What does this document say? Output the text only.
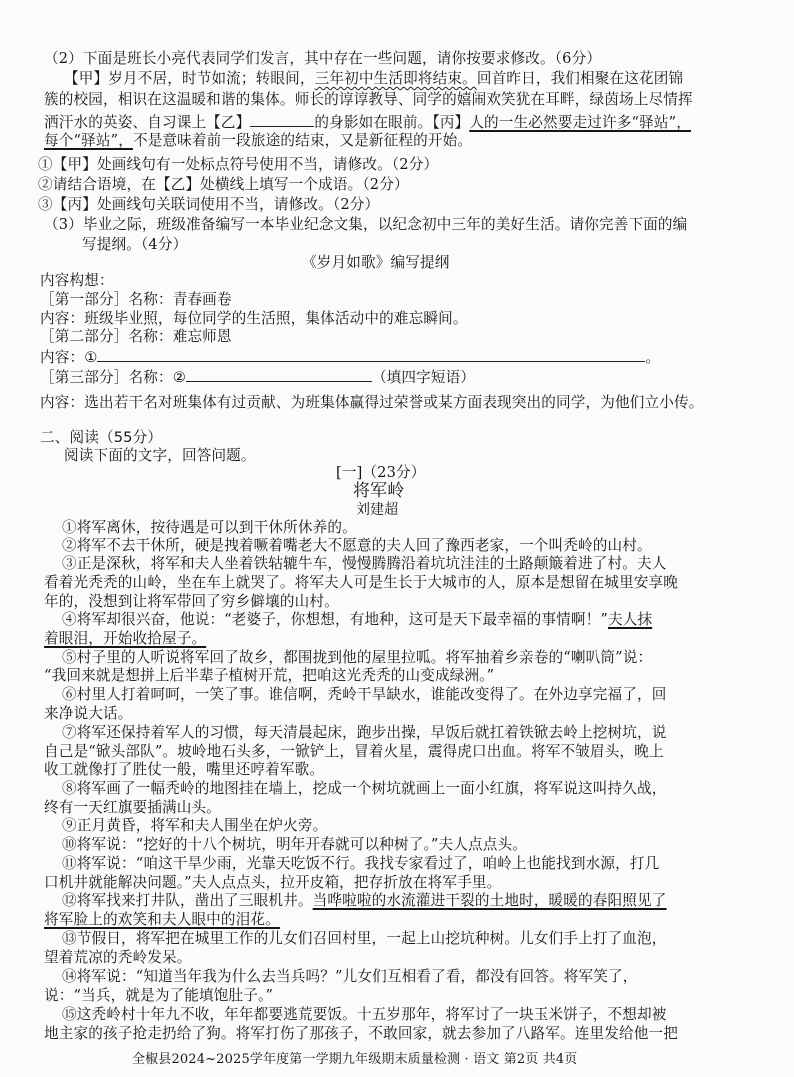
（2）下面是班长小亮代表同学们发言，其中存在一些问题，请你按要求修改。（6分）
【甲】岁月不居，时节如流；转眼间，三年初中生活即将结束。回首昨日，我们相聚在这花团锦
簇的校园，相识在这温暖和谐的集体。师长的谆谆教导、同学的嬉闹欢笑犹在耳畔，绿茵场上尽情挥
洒汗水的英姿、自习课上【乙】	的身影如在眼前。【丙】人的一生必然要走过许多“驿站”，
每个“驿站”，不是意味着前一段旅途的结束，又是新征程的开始。
①【甲】处画线句有一处标点符号使用不当，请修改。（2分）
②请结合语境，在【乙】处横线上填写一个成语。（2分）
③【丙】处画线句关联词使用不当，请修改。（2分）
（3）毕业之际，班级准备编写一本毕业纪念文集，以纪念初中三年的美好生活。请你完善下面的编
写提纲。（4分）
《岁月如歌》编写提纲
内容构想：
［第一部分］名称：青春画卷
内容：班级毕业照，每位同学的生活照，集体活动中的难忘瞬间。
［第二部分］名称：难忘师恩
内容：①	。
［第三部分］名称：②	（填四字短语）
内容：选出若干名对班集体有过贡献、为班集体赢得过荣誉或某方面表现突出的同学，为他们立小传。
二、阅读（55分）
阅读下面的文字，回答问题。
[一]（23分）
将军岭
刘建超
①将军离休，按待遇是可以到干休所休养的。
②将军不去干休所，硬是拽着噘着嘴老大不愿意的夫人回了豫西老家，一个叫秃岭的山村。
③正是深秋，将军和夫人坐着铁轱辘牛车，慢慢腾腾沿着坑坑洼洼的土路颠簸着进了村。夫人
看着光秃秃的山岭，坐在车上就哭了。将军夫人可是生长于大城市的人，原本是想留在城里安享晚
年的，没想到让将军带回了穷乡僻壤的山村。
④将军却很兴奋，他说：“老婆子，你想想，有地种，这可是天下最幸福的事情啊！”夫人抹
着眼泪，开始收拾屋子。
⑤村子里的人听说将军回了故乡，都围拢到他的屋里拉呱。将军抽着乡亲卷的“喇叭筒”说：
“我回来就是想拼上后半辈子植树开荒，把咱这光秃秃的山变成绿洲。”
⑥村里人打着呵呵，一笑了事。谁信啊，秃岭干旱缺水，谁能改变得了。在外边享完福了，回
来净说大话。
⑦将军还保持着军人的习惯，每天清晨起床，跑步出操，早饭后就扛着铁锨去岭上挖树坑，说
自己是“锨头部队”。坡岭地石头多，一锨铲上，冒着火星，震得虎口出血。将军不皱眉头，晚上
收工就像打了胜仗一般，嘴里还哼着军歌。
⑧将军画了一幅秃岭的地图挂在墙上，挖成一个树坑就画上一面小红旗，将军说这叫持久战，
终有一天红旗要插满山头。
⑨正月黄昏，将军和夫人围坐在炉火旁。
⑩将军说：“挖好的十八个树坑，明年开春就可以种树了。”夫人点点头。
⑪将军说：“咱这干旱少雨，光靠天吃饭不行。我找专家看过了，咱岭上也能找到水源，打几
口机井就能解决问题。”夫人点点头，拉开皮箱，把存折放在将军手里。
⑫将军找来打井队，凿出了三眼机井。当哗啦啦的水流灌进干裂的土地时，暖暖的春阳照见了
将军脸上的欢笑和夫人眼中的泪花。
⑬节假日，将军把在城里工作的儿女们召回村里，一起上山挖坑种树。儿女们手上打了血泡，
望着荒凉的秃岭发呆。
⑭将军说：“知道当年我为什么去当兵吗？”儿女们互相看了看，都没有回答。将军笑了，
说：“当兵，就是为了能填饱肚子。”
⑮这秃岭村十年九不收，年年都要逃荒要饭。十五岁那年，将军讨了一块玉米饼子，不想却被
地主家的孩子抢走扔给了狗。将军打伤了那孩子，不敢回家，就去参加了八路军。连里发给他一把
全椒县2024~2025学年度第一学期九年级期末质量检测 · 语文 第2页 共4页
